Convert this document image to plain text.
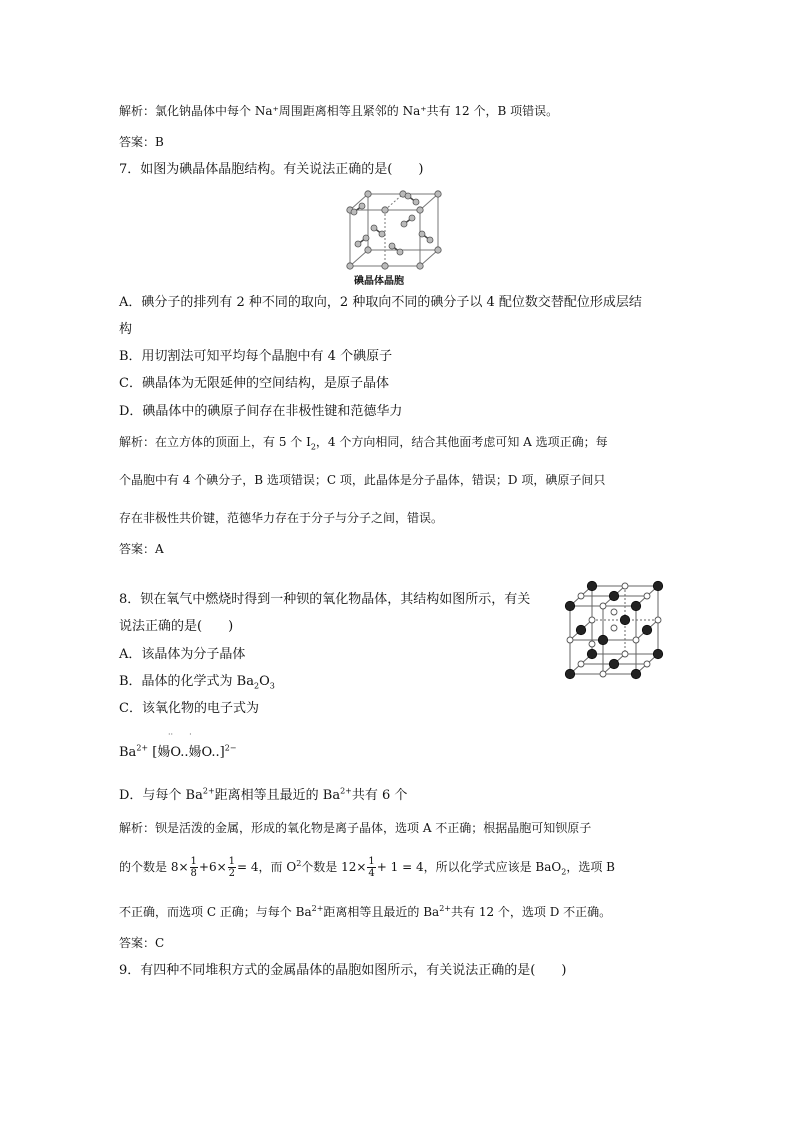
解析：氯化钠晶体中每个 Na⁺周围距离相等且紧邻的 Na⁺共有 12 个，B 项错误。
答案：B
7．如图为碘晶体晶胞结构。有关说法正确的是(　　)
碘晶体晶胞
A．碘分子的排列有 2 种不同的取向，2 种取向不同的碘分子以 4 配位数交替配位形成层结
构
B．用切割法可知平均每个晶胞中有 4 个碘原子
C．碘晶体为无限延伸的空间结构，是原子晶体
D．碘晶体中的碘原子间存在非极性键和范德华力
解析：在立方体的顶面上，有 5 个 $I_2$，4 个方向相同，结合其他面考虑可知 A 选项正确；每
个晶胞中有 4 个碘分子，B 选项错误；C 项，此晶体是分子晶体，错误；D 项，碘原子间只
存在非极性共价键，范德华力存在于分子与分子之间，错误。
答案：A
8．钡在氧气中燃烧时得到一种钡的氧化物晶体，其结构如图所示，有关
说法正确的是(　　)
A．该晶体为分子晶体
B．晶体的化学式为 $Ba_2O_3$
C．该氧化物的电子式为
··　　·
$Ba^{2+}$ [婸O..婸O..]$^{2-}$
D．与每个 $Ba^{2+}$距离相等且最近的 $Ba^{2+}$共有 6 个
解析：钡是活泼的金属，形成的氧化物是离子晶体，选项 A 不正确；根据晶胞可知钡原子
的个数是 $8\times \frac{1}{8} +6\times \frac{1}{2} = 4$，而 $O^2$个数是 $12\times \frac{1}{4} + 1 = 4$，所以化学式应该是 BaO$_2$，选项 B
不正确，而选项 C 正确；与每个 $Ba^{2+}$距离相等且最近的 $Ba^{2+}$共有 12 个，选项 D 不正确。
答案：C
9．有四种不同堆积方式的金属晶体的晶胞如图所示，有关说法正确的是(　　)
